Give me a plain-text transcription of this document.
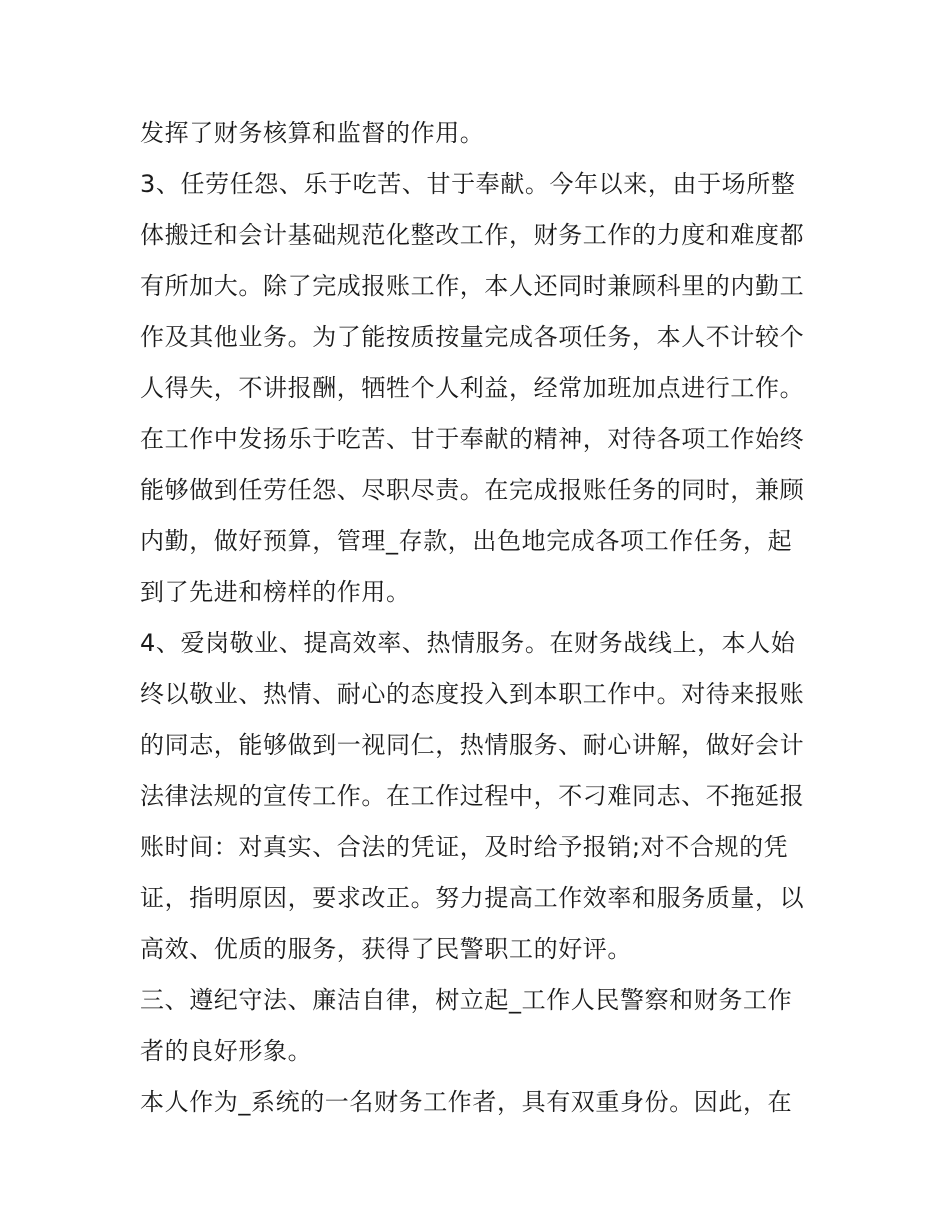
发挥了财务核算和监督的作用。
3、任劳任怨、乐于吃苦、甘于奉献。今年以来，由于场所整
体搬迁和会计基础规范化整改工作，财务工作的力度和难度都
有所加大。除了完成报账工作，本人还同时兼顾科里的内勤工
作及其他业务。为了能按质按量完成各项任务，本人不计较个
人得失，不讲报酬，牺牲个人利益，经常加班加点进行工作。
在工作中发扬乐于吃苦、甘于奉献的精神，对待各项工作始终
能够做到任劳任怨、尽职尽责。在完成报账任务的同时，兼顾
内勤，做好预算，管理_存款，出色地完成各项工作任务，起
到了先进和榜样的作用。
4、爱岗敬业、提高效率、热情服务。在财务战线上，本人始
终以敬业、热情、耐心的态度投入到本职工作中。对待来报账
的同志，能够做到一视同仁，热情服务、耐心讲解，做好会计
法律法规的宣传工作。在工作过程中，不刁难同志、不拖延报
账时间：对真实、合法的凭证，及时给予报销;对不合规的凭
证，指明原因，要求改正。努力提高工作效率和服务质量，以
高效、优质的服务，获得了民警职工的好评。
三、遵纪守法、廉洁自律，树立起_工作人民警察和财务工作
者的良好形象。
本人作为_系统的一名财务工作者，具有双重身份。因此，在
